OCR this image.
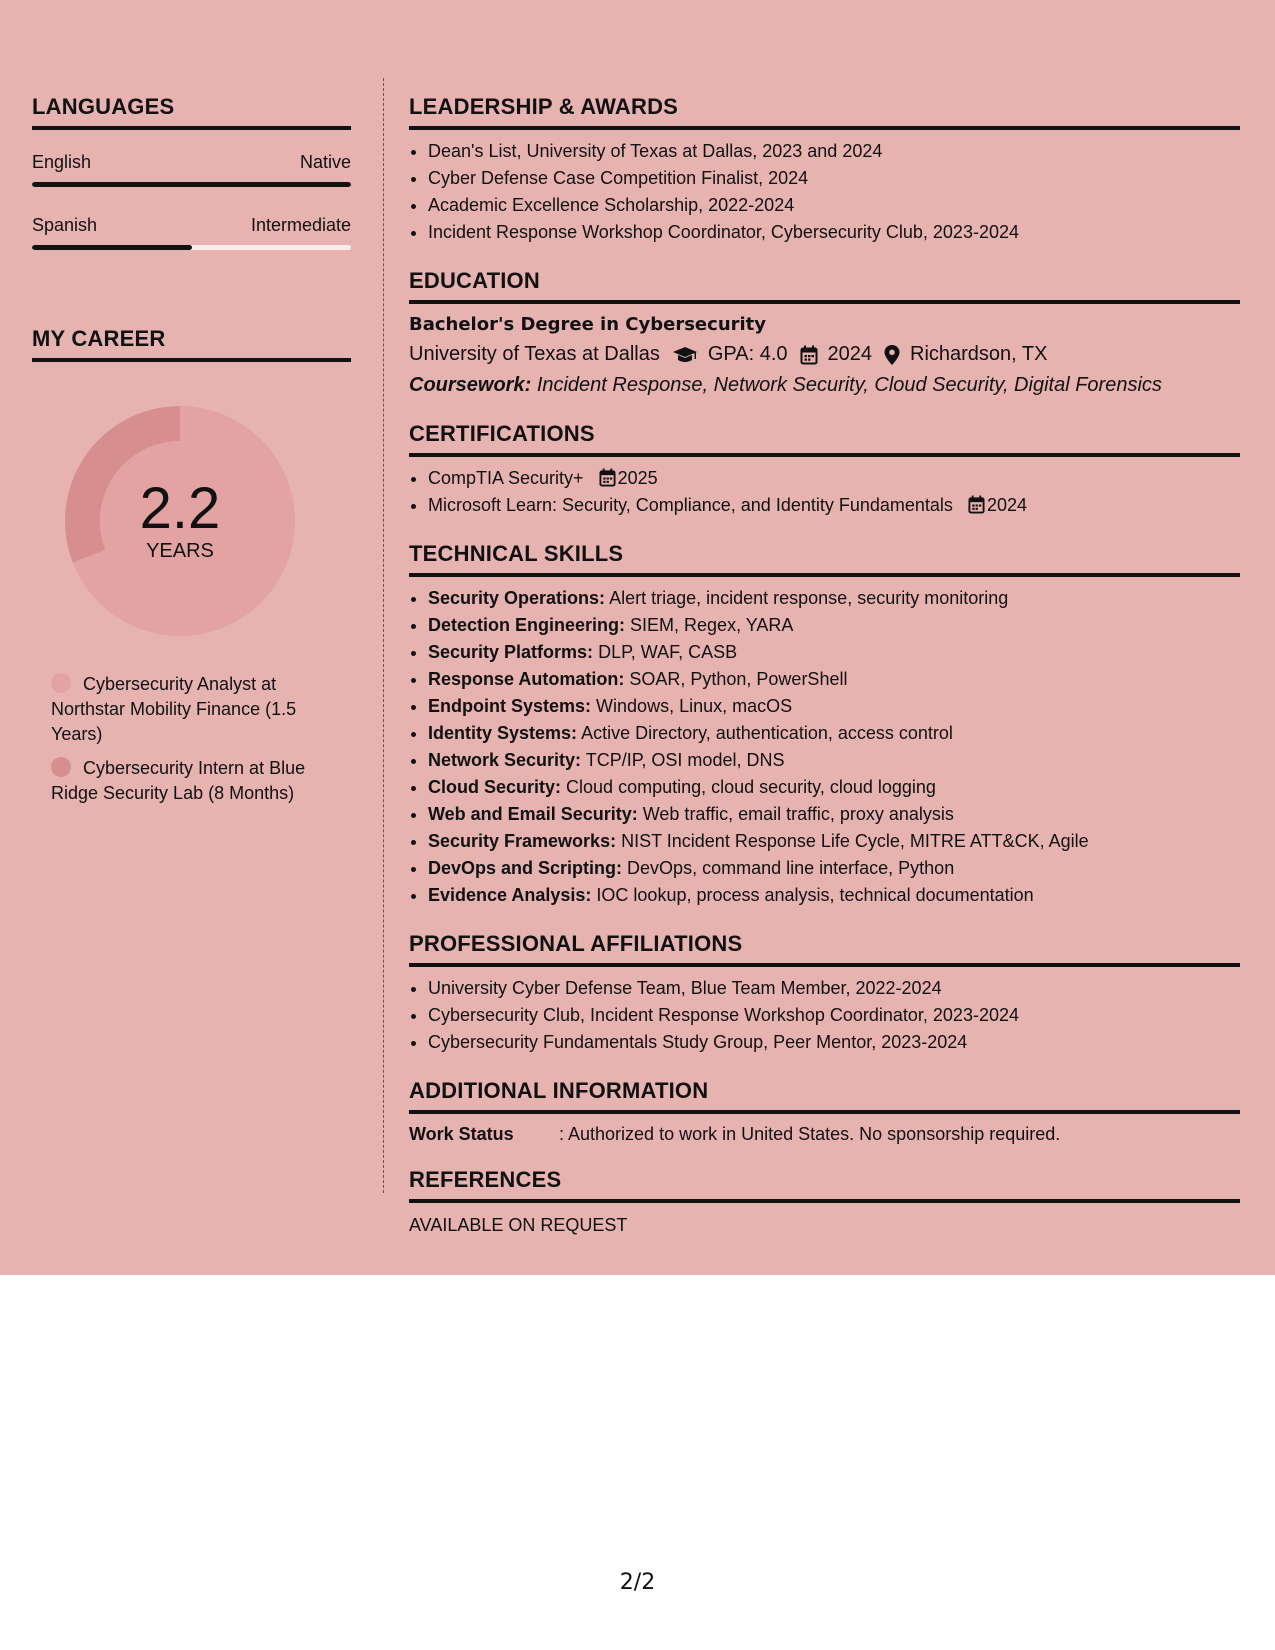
LANGUAGES
English	Native
Spanish	Intermediate
MY CAREER
2.2
YEARS
Cybersecurity Analyst at Northstar Mobility Finance (1.5 Years)
Cybersecurity Intern at Blue Ridge Security Lab (8 Months)
LEADERSHIP & AWARDS
• Dean's List, University of Texas at Dallas, 2023 and 2024
• Cyber Defense Case Competition Finalist, 2024
• Academic Excellence Scholarship, 2022-2024
• Incident Response Workshop Coordinator, Cybersecurity Club, 2023-2024
EDUCATION
Bachelor's Degree in Cybersecurity
University of Texas at Dallas GPA: 4.0 2024 Richardson, TX
Coursework: Incident Response, Network Security, Cloud Security, Digital Forensics
CERTIFICATIONS
• CompTIA Security+ 2025
• Microsoft Learn: Security, Compliance, and Identity Fundamentals 2024
TECHNICAL SKILLS
• Security Operations: Alert triage, incident response, security monitoring
• Detection Engineering: SIEM, Regex, YARA
• Security Platforms: DLP, WAF, CASB
• Response Automation: SOAR, Python, PowerShell
• Endpoint Systems: Windows, Linux, macOS
• Identity Systems: Active Directory, authentication, access control
• Network Security: TCP/IP, OSI model, DNS
• Cloud Security: Cloud computing, cloud security, cloud logging
• Web and Email Security: Web traffic, email traffic, proxy analysis
• Security Frameworks: NIST Incident Response Life Cycle, MITRE ATT&CK, Agile
• DevOps and Scripting: DevOps, command line interface, Python
• Evidence Analysis: IOC lookup, process analysis, technical documentation
PROFESSIONAL AFFILIATIONS
• University Cyber Defense Team, Blue Team Member, 2022-2024
• Cybersecurity Club, Incident Response Workshop Coordinator, 2023-2024
• Cybersecurity Fundamentals Study Group, Peer Mentor, 2023-2024
ADDITIONAL INFORMATION
Work Status	: Authorized to work in United States. No sponsorship required.
REFERENCES
AVAILABLE ON REQUEST
2/2
